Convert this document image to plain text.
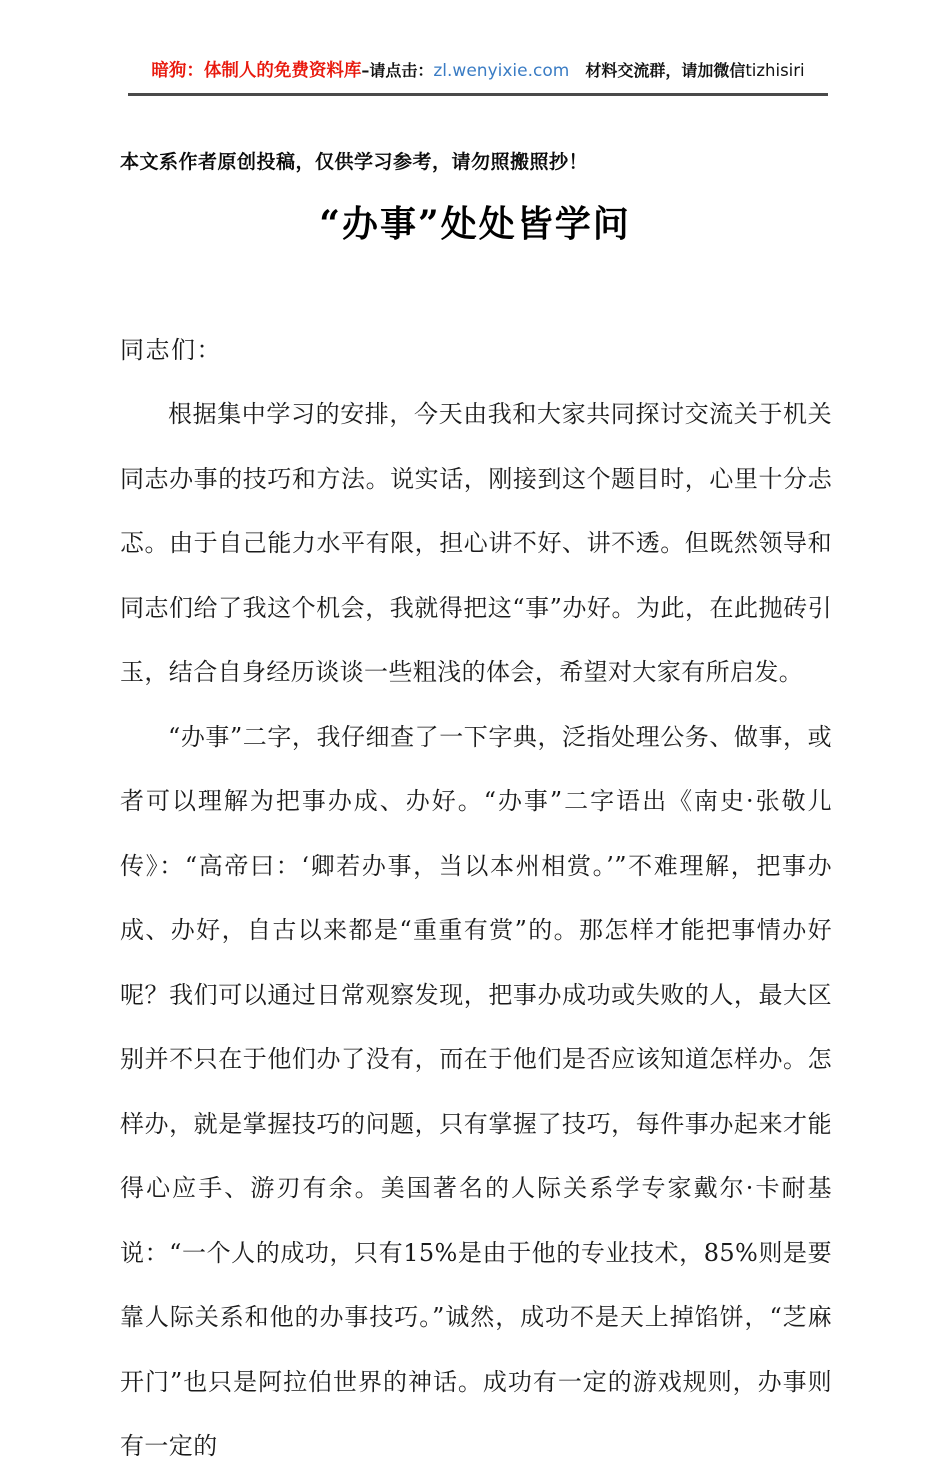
暗狗：体制人的免费资料库–请点击：zl.wenyixie.com 材料交流群，请加微信tizhisiri
本文系作者原创投稿，仅供学习参考，请勿照搬照抄！
“办事”处处皆学问
同志们：

根据集中学习的安排，今天由我和大家共同探讨交流关于机关同志办事的技巧和方法。说实话，刚接到这个题目时，心里十分忐忑。由于自己能力水平有限，担心讲不好、讲不透。但既然领导和同志们给了我这个机会，我就得把这“事”办好。为此，在此抛砖引玉，结合自身经历谈谈一些粗浅的体会，希望对大家有所启发。

“办事”二字，我仔细查了一下字典，泛指处理公务、做事，或者可以理解为把事办成、办好。“办事”二字语出《南史·张敬儿传》：“高帝曰：‘卿若办事，当以本州相赏。’”不难理解，把事办成、办好，自古以来都是“重重有赏”的。那怎样才能把事情办好呢？我们可以通过日常观察发现，把事办成功或失败的人，最大区别并不只在于他们办了没有，而在于他们是否应该知道怎样办。怎样办，就是掌握技巧的问题，只有掌握了技巧，每件事办起来才能得心应手、游刃有余。美国著名的人际关系学专家戴尔·卡耐基说：“一个人的成功，只有15%是由于他的专业技术，85%则是要靠人际关系和他的办事技巧。”诚然，成功不是天上掉馅饼，“芝麻开门”也只是阿拉伯世界的神话。成功有一定的游戏规则，办事则有一定的
